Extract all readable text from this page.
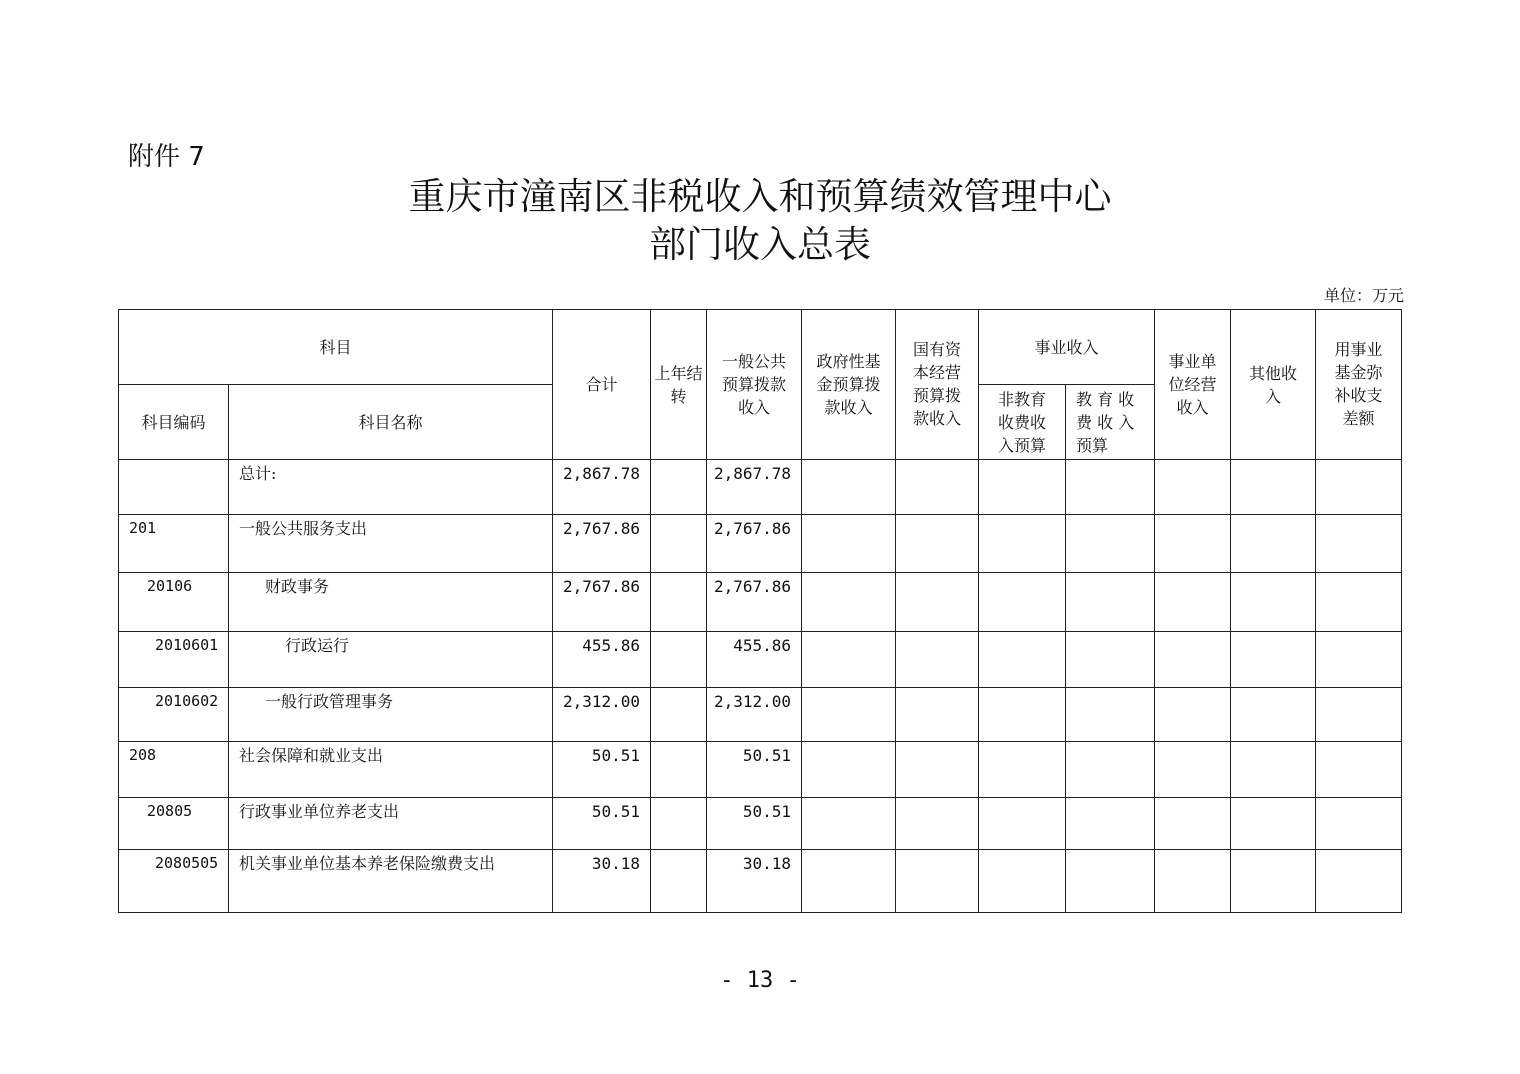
附件 7
重庆市潼南区非税收入和预算绩效管理中心
部门收入总表
单位：万元
科目		合计	上年结转	一般公共预算拨款收入	政府性基金预算拨款收入	国有资本经营预算拨款收入	事业收入		事业单位经营收入	其他收入	用事业基金弥补收支差额
科目编码	科目名称						非教育收费收入预算	教 育 收 费 收 入 预算			
	总计:	2,867.78		2,867.78							
201	一般公共服务支出	2,767.86		2,767.86							
20106	财政事务	2,767.86		2,767.86							
2010601	行政运行	455.86		455.86							
2010602	一般行政管理事务	2,312.00		2,312.00							
208	社会保障和就业支出	50.51		50.51							
20805	行政事业单位养老支出	50.51		50.51							
2080505	机关事业单位基本养老保险缴费支出	30.18		30.18							
- 13 -
